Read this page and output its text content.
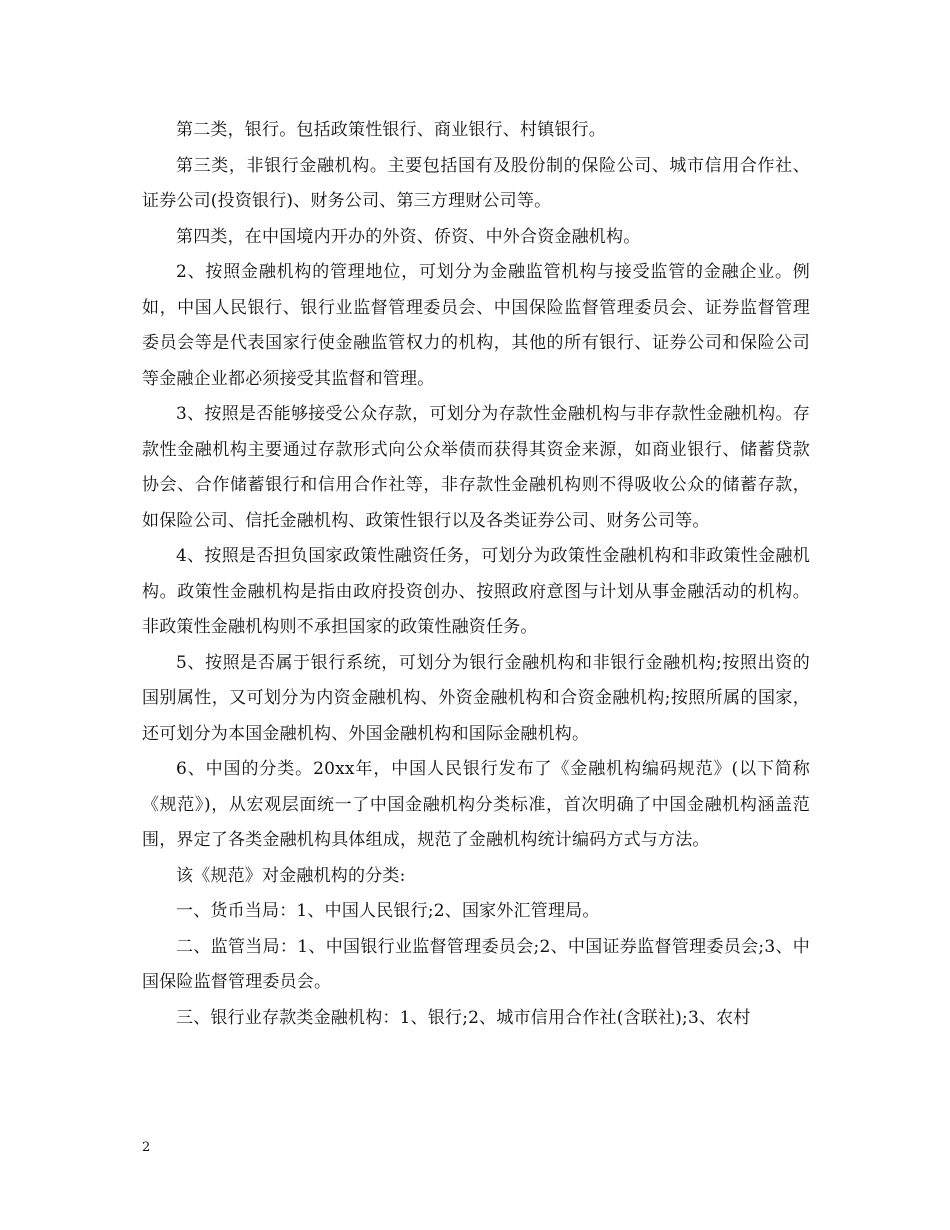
第二类，银行。包括政策性银行、商业银行、村镇银行。

第三类，非银行金融机构。主要包括国有及股份制的保险公司、城市信用合作社、证券公司(投资银行)、财务公司、第三方理财公司等。

第四类，在中国境内开办的外资、侨资、中外合资金融机构。

2、按照金融机构的管理地位，可划分为金融监管机构与接受监管的金融企业。例如，中国人民银行、银行业监督管理委员会、中国保险监督管理委员会、证券监督管理委员会等是代表国家行使金融监管权力的机构，其他的所有银行、证券公司和保险公司等金融企业都必须接受其监督和管理。

3、按照是否能够接受公众存款，可划分为存款性金融机构与非存款性金融机构。存款性金融机构主要通过存款形式向公众举债而获得其资金来源，如商业银行、储蓄贷款协会、合作储蓄银行和信用合作社等，非存款性金融机构则不得吸收公众的储蓄存款，如保险公司、信托金融机构、政策性银行以及各类证券公司、财务公司等。

4、按照是否担负国家政策性融资任务，可划分为政策性金融机构和非政策性金融机构。政策性金融机构是指由政府投资创办、按照政府意图与计划从事金融活动的机构。非政策性金融机构则不承担国家的政策性融资任务。

5、按照是否属于银行系统，可划分为银行金融机构和非银行金融机构;按照出资的国别属性，又可划分为内资金融机构、外资金融机构和合资金融机构;按照所属的国家，还可划分为本国金融机构、外国金融机构和国际金融机构。

6、中国的分类。20xx年，中国人民银行发布了《金融机构编码规范》(以下简称《规范》)，从宏观层面统一了中国金融机构分类标准，首次明确了中国金融机构涵盖范围，界定了各类金融机构具体组成，规范了金融机构统计编码方式与方法。

该《规范》对金融机构的分类:

一、货币当局：1、中国人民银行;2、国家外汇管理局。

二、监管当局：1、中国银行业监督管理委员会;2、中国证券监督管理委员会;3、中国保险监督管理委员会。

三、银行业存款类金融机构：1、银行;2、城市信用合作社(含联社);3、农村

2
